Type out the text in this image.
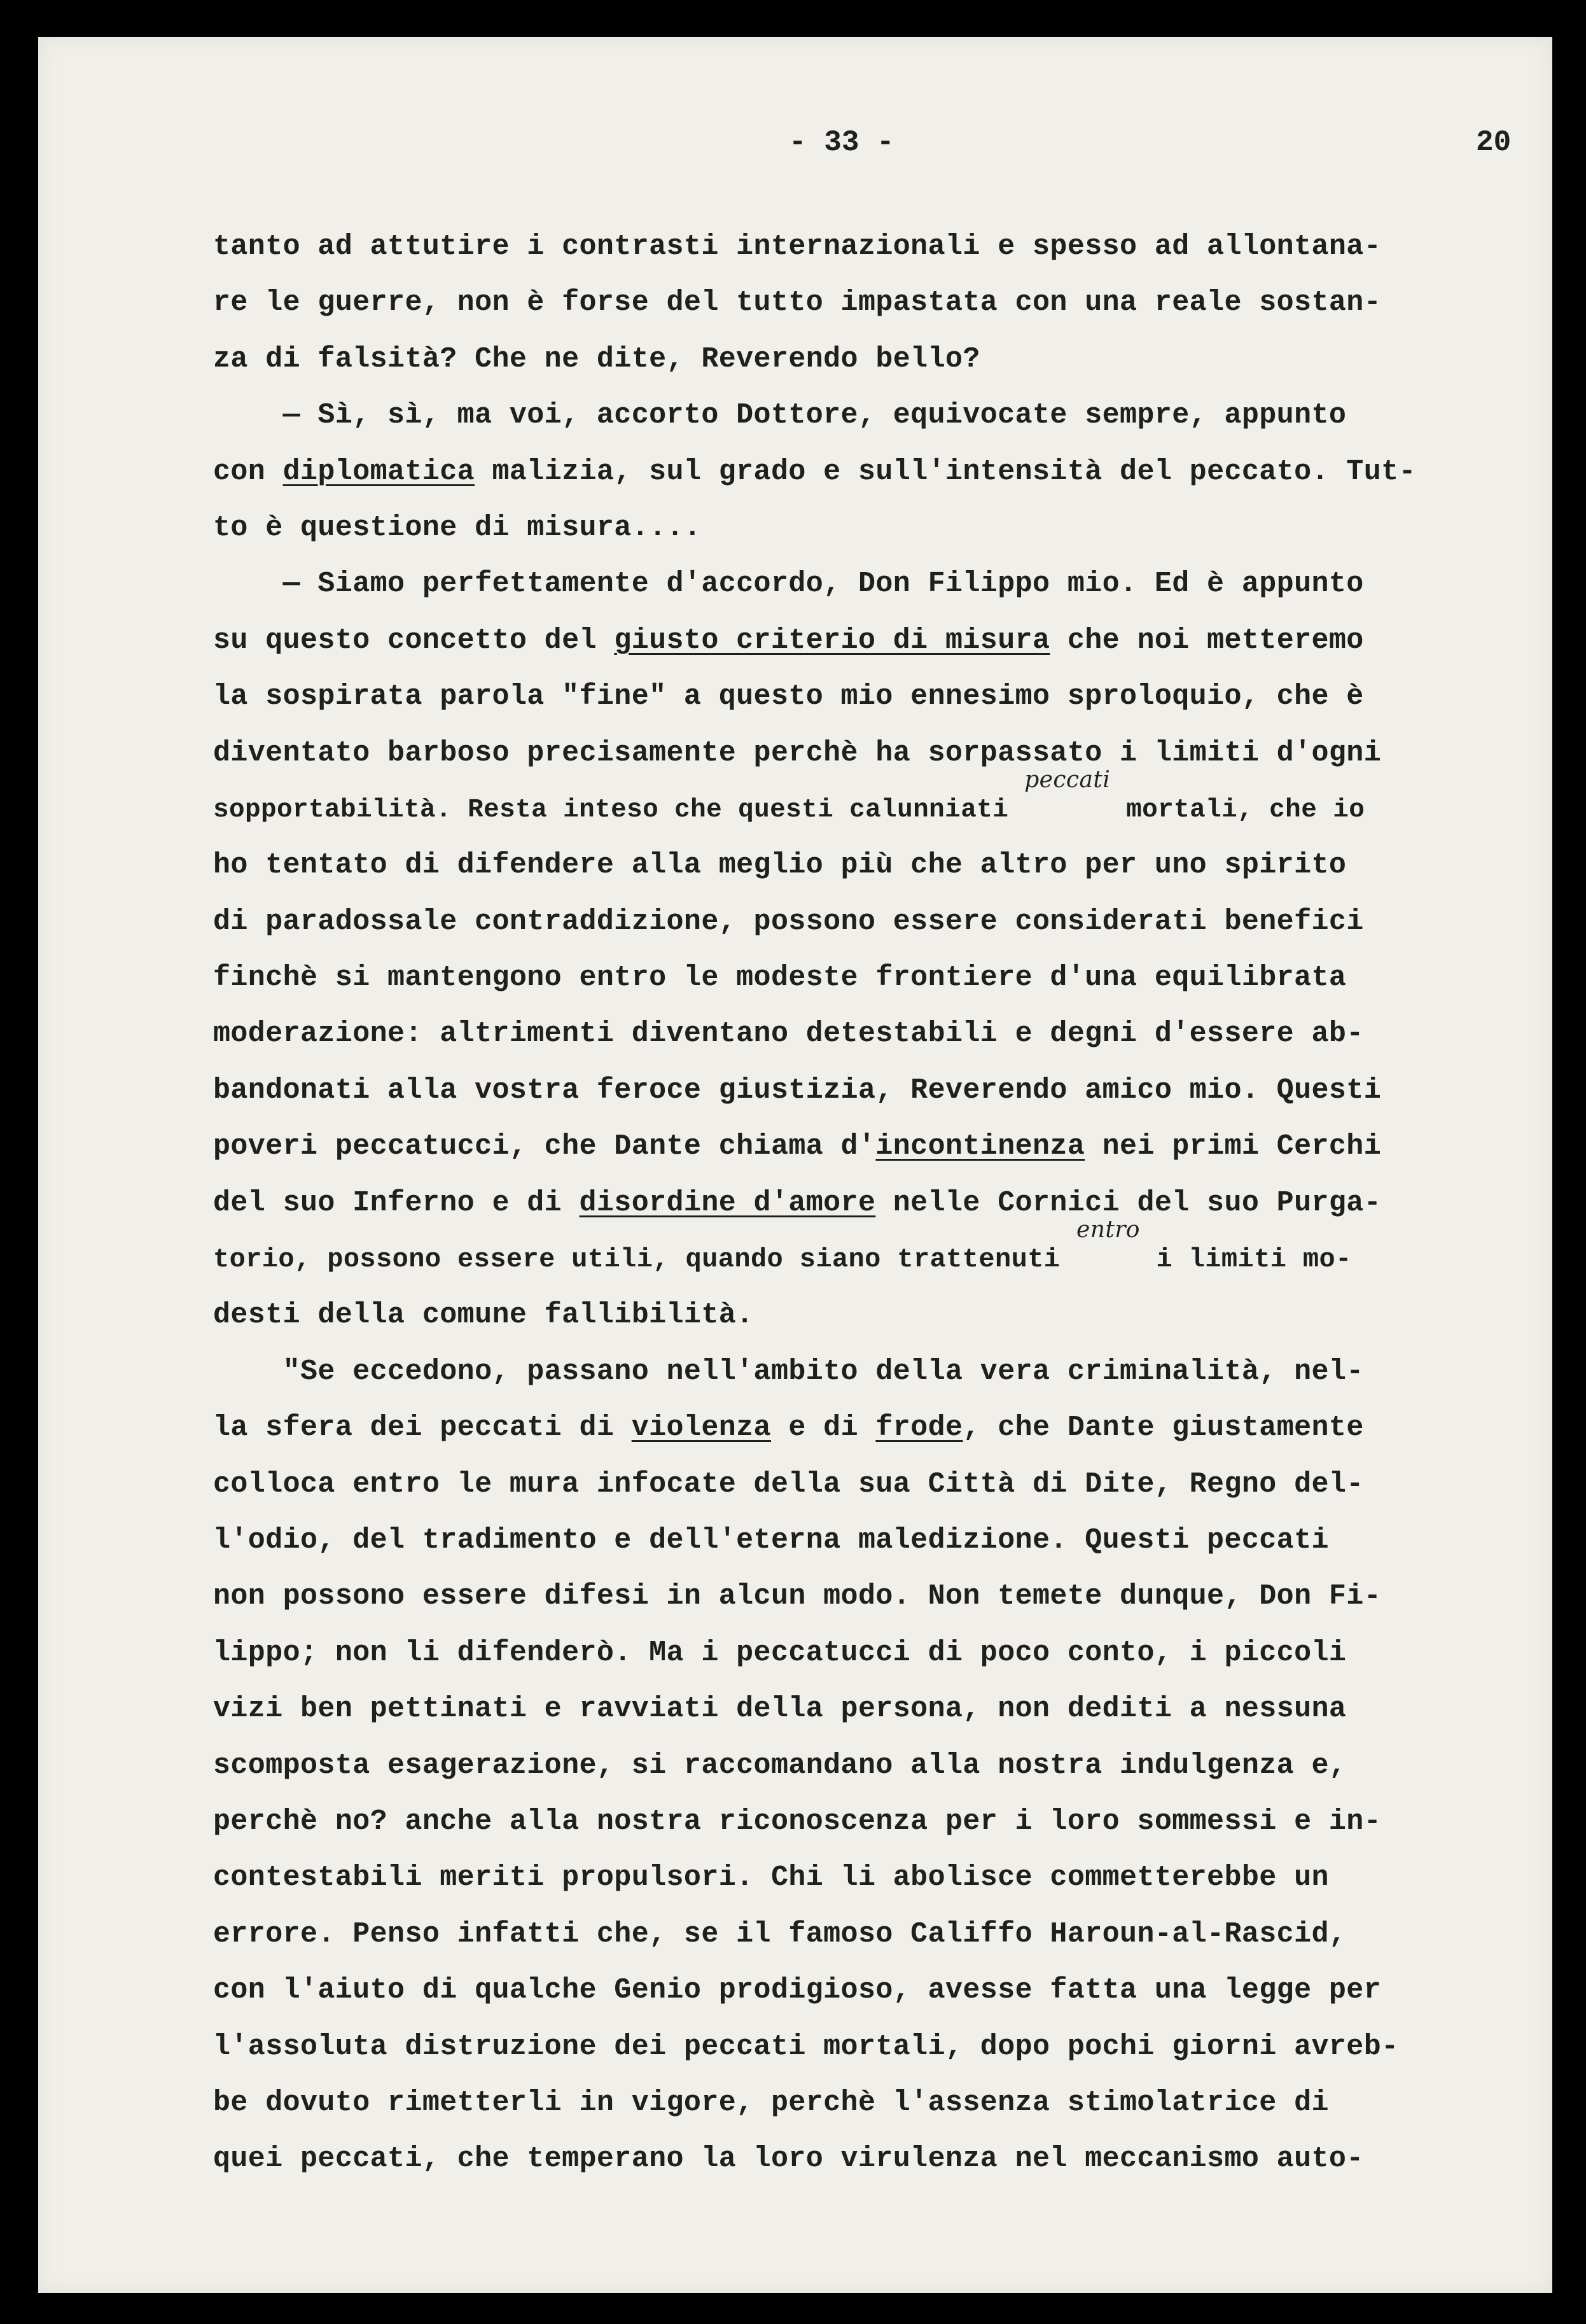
- 33 -	20
tanto ad attutire i contrasti internazionali e spesso ad allontana-
re le guerre, non è forse del tutto impastata con una reale sostan-
za di falsità? Che ne dite, Reverendo bello?
— Sì, sì, ma voi, accorto Dottore, equivocate sempre, appunto
con diplomatica malizia, sul grado e sull'intensità del peccato. Tut-
to è questione di misura....
— Siamo perfettamente d'accordo, Don Filippo mio. Ed è appunto
su questo concetto del giusto criterio di misura che noi metteremo
la sospirata parola "fine" a questo mio ennesimo sproloquio, che è
diventato barboso precisamente perchè ha sorpassato i limiti d'ogni
sopportabilità. Resta inteso che questi calunniati peccati mortali, che io
ho tentato di difendere alla meglio più che altro per uno spirito
di paradossale contraddizione, possono essere considerati benefici
finchè si mantengono entro le modeste frontiere d'una equilibrata
moderazione: altrimenti diventano detestabili e degni d'essere ab-
bandonati alla vostra feroce giustizia, Reverendo amico mio. Questi
poveri peccatucci, che Dante chiama d'incontinenza nei primi Cerchi
del suo Inferno e di disordine d'amore nelle Cornici del suo Purga-
torio, possono essere utili, quando siano trattenuti entro i limiti mo-
desti della comune fallibilità.
"Se eccedono, passano nell'ambito della vera criminalità, nel-
la sfera dei peccati di violenza e di frode, che Dante giustamente
colloca entro le mura infocate della sua Città di Dite, Regno del-
l'odio, del tradimento e dell'eterna maledizione. Questi peccati
non possono essere difesi in alcun modo. Non temete dunque, Don Fi-
lippo; non li difenderò. Ma i peccatucci di poco conto, i piccoli
vizi ben pettinati e ravviati della persona, non dediti a nessuna
scomposta esagerazione, si raccomandano alla nostra indulgenza e,
perchè no? anche alla nostra riconoscenza per i loro sommessi e in-
contestabili meriti propulsori. Chi li abolisce commetterebbe un
errore. Penso infatti che, se il famoso Califfo Haroun-al-Rascid,
con l'aiuto di qualche Genio prodigioso, avesse fatta una legge per
l'assoluta distruzione dei peccati mortali, dopo pochi giorni avreb-
be dovuto rimetterli in vigore, perchè l'assenza stimolatrice di
quei peccati, che temperano la loro virulenza nel meccanismo auto-
